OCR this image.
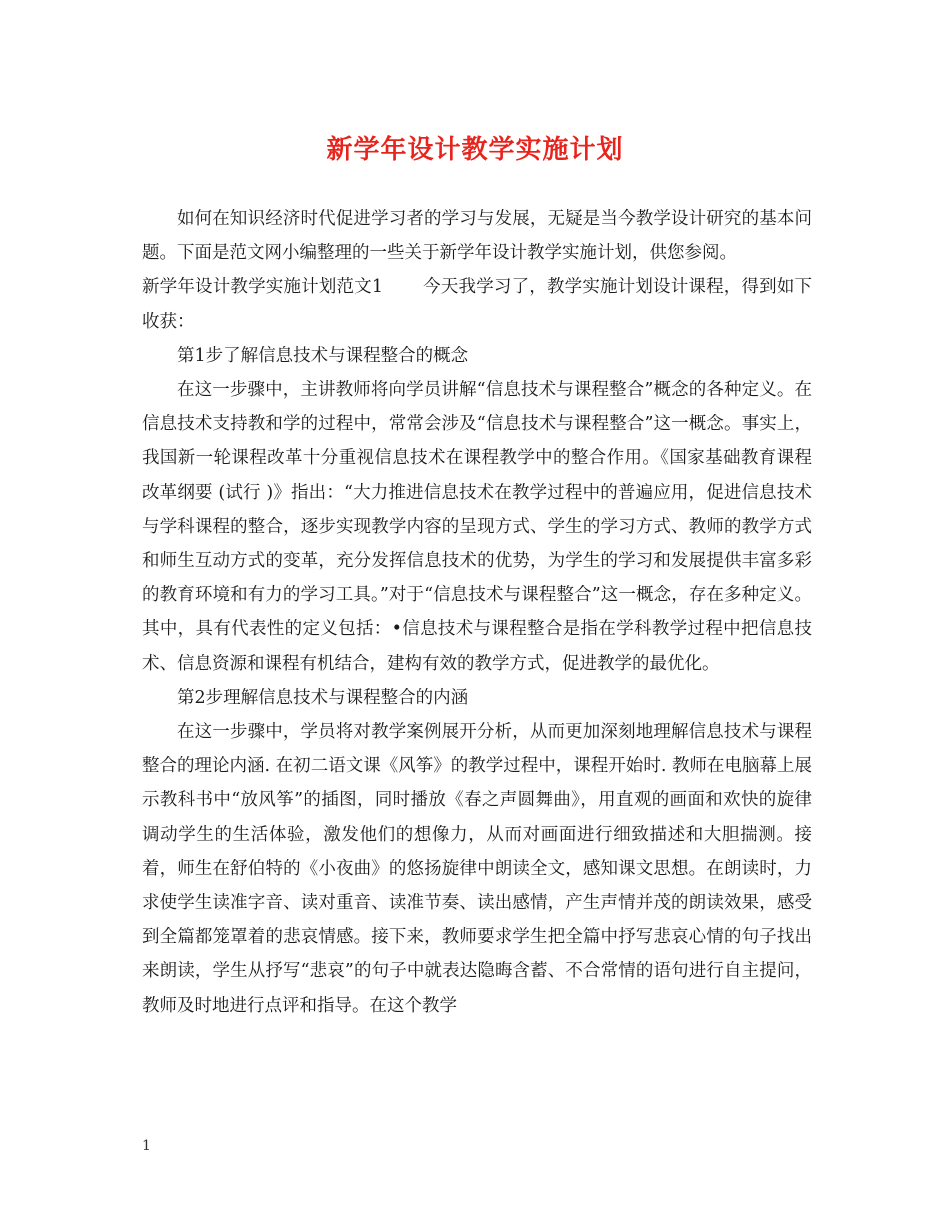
新学年设计教学实施计划

如何在知识经济时代促进学习者的学习与发展，无疑是当今教学设计研究的基本问题。下面是范文网小编整理的一些关于新学年设计教学实施计划，供您参阅。

新学年设计教学实施计划范文1 今天我学习了，教学实施计划设计课程，得到如下收获：

第1步了解信息技术与课程整合的概念

在这一步骤中，主讲教师将向学员讲解“信息技术与课程整合”概念的各种定义。在信息技术支持教和学的过程中，常常会涉及“信息技术与课程整合”这一概念。事实上，我国新一轮课程改革十分重视信息技术在课程教学中的整合作用。《国家基础教育课程改革纲要 (试行 )》指出：“大力推进信息技术在教学过程中的普遍应用，促进信息技术与学科课程的整合，逐步实现教学内容的呈现方式、学生的学习方式、教师的教学方式和师生互动方式的变革，充分发挥信息技术的优势，为学生的学习和发展提供丰富多彩的教育环境和有力的学习工具。”对于“信息技术与课程整合”这一概念，存在多种定义。其中，具有代表性的定义包括：•信息技术与课程整合是指在学科教学过程中把信息技术、信息资源和课程有机结合，建构有效的教学方式，促进教学的最优化。

第2步理解信息技术与课程整合的内涵

在这一步骤中，学员将对教学案例展开分析，从而更加深刻地理解信息技术与课程整合的理论内涵. 在初二语文课《风筝》的教学过程中，课程开始时. 教师在电脑幕上展示教科书中“放风筝”的插图，同时播放《春之声圆舞曲》，用直观的画面和欢快的旋律调动学生的生活体验，激发他们的想像力，从而对画面进行细致描述和大胆揣测。接着，师生在舒伯特的《小夜曲》的悠扬旋律中朗读全文，感知课文思想。在朗读时，力求使学生读准字音、读对重音、读准节奏、读出感情，产生声情并茂的朗读效果，感受到全篇都笼罩着的悲哀情感。接下来，教师要求学生把全篇中抒写悲哀心情的句子找出来朗读，学生从抒写“悲哀”的句子中就表达隐晦含蓄、不合常情的语句进行自主提问，教师及时地进行点评和指导。在这个教学

1
